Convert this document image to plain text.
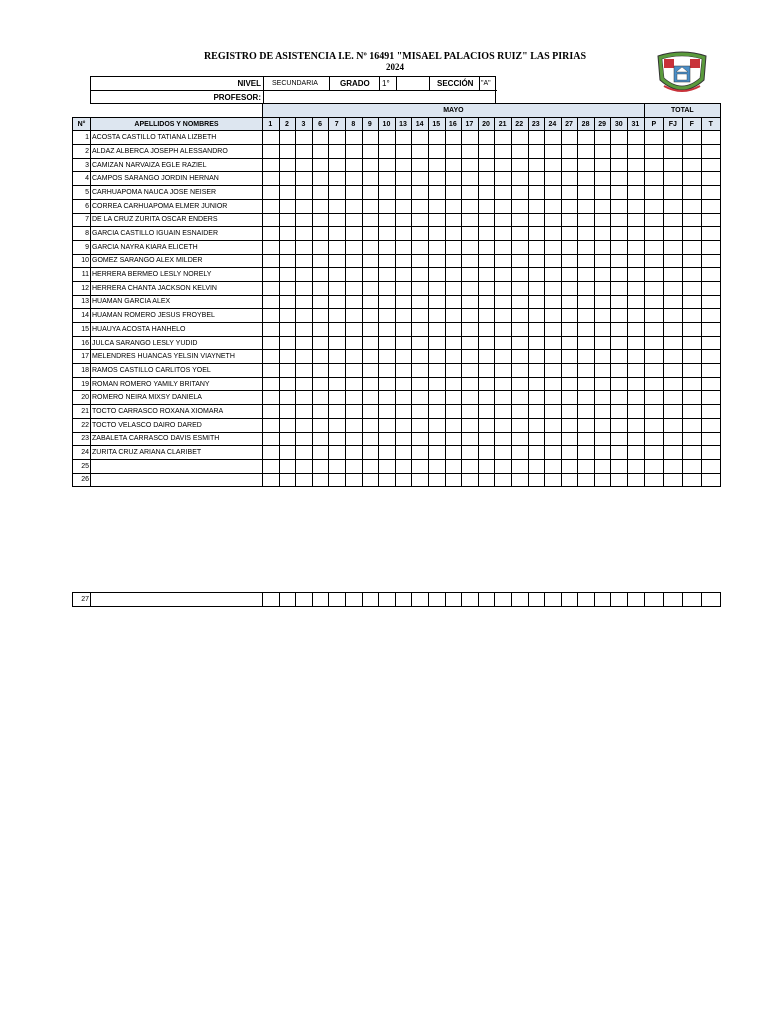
REGISTRO DE ASISTENCIA I.E. Nº 16491 "MISAEL PALACIOS RUIZ" LAS PIRIAS
2024
NIVEL	SECUNDARIA	GRADO	1°	SECCIÓN	"A"
PROFESOR:
		MAYO																							TOTAL			
N°	APELLIDOS Y NOMBRES	1	2	3	6	7	8	9	10	13	14	15	16	17	20	21	22	23	24	27	28	29	30	31	P	FJ	F	T
1	ACOSTA CASTILLO TATIANA LIZBETH																											
2	ALDAZ ALBERCA JOSEPH ALESSANDRO																											
3	CAMIZAN NARVAIZA EGLE RAZIEL																											
4	CAMPOS SARANGO JORDIN HERNAN																											
5	CARHUAPOMA NAUCA JOSE NEISER																											
6	CORREA CARHUAPOMA ELMER JUNIOR																											
7	DE LA CRUZ ZURITA OSCAR ENDERS																											
8	GARCIA CASTILLO IGUAIN ESNAIDER																											
9	GARCIA NAYRA KIARA ELICETH																											
10	GOMEZ SARANGO ALEX MILDER																											
11	HERRERA BERMEO LESLY NORELY																											
12	HERRERA CHANTA JACKSON KELVIN																											
13	HUAMAN GARCIA ALEX																											
14	HUAMAN ROMERO JESUS FROYBEL																											
15	HUAUYA ACOSTA HANHELO																											
16	JULCA SARANGO LESLY YUDID																											
17	MELENDRES HUANCAS YELSIN VIAYNETH																											
18	RAMOS CASTILLO CARLITOS YOEL																											
19	ROMAN ROMERO YAMILY BRITANY																											
20	ROMERO NEIRA MIXSY DANIELA																											
21	TOCTO CARRASCO ROXANA XIOMARA																											
22	TOCTO VELASCO DAIRO DARED																											
23	ZABALETA CARRASCO DAVIS ESMITH																											
24	ZURITA CRUZ ARIANA CLARIBET																											
25																												
26																												
27																												
